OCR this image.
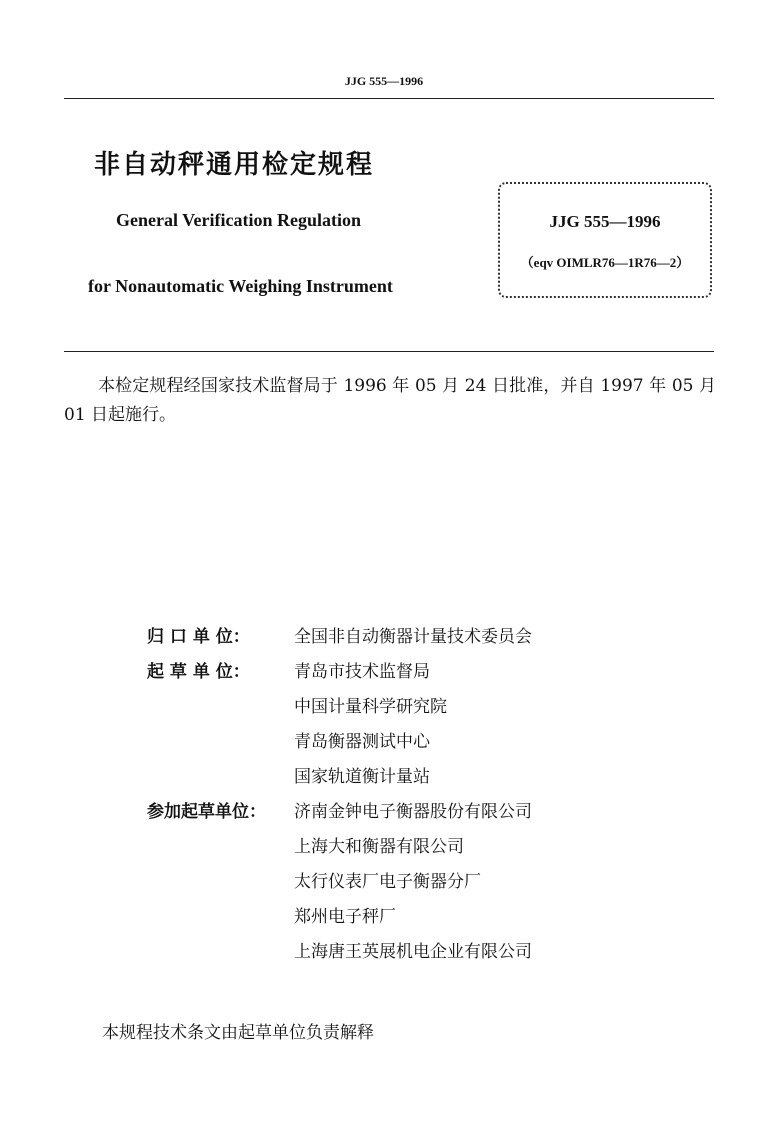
JJG 555—1996
非自动秤通用检定规程
General Verification Regulation
for Nonautomatic Weighing Instrument
JJG 555—1996
（eqv OIMLR76—1R76—2）
本检定规程经国家技术监督局于 1996 年 05 月 24 日批准，并自 1997 年 05 月 01 日起施行。
归 口 单 位：	全国非自动衡器计量技术委员会
起 草 单 位：	青岛市技术监督局
中国计量科学研究院
青岛衡器测试中心
国家轨道衡计量站
参加起草单位： 济南金钟电子衡器股份有限公司
上海大和衡器有限公司
太行仪表厂电子衡器分厂
郑州电子秤厂
上海唐王英展机电企业有限公司
本规程技术条文由起草单位负责解释
